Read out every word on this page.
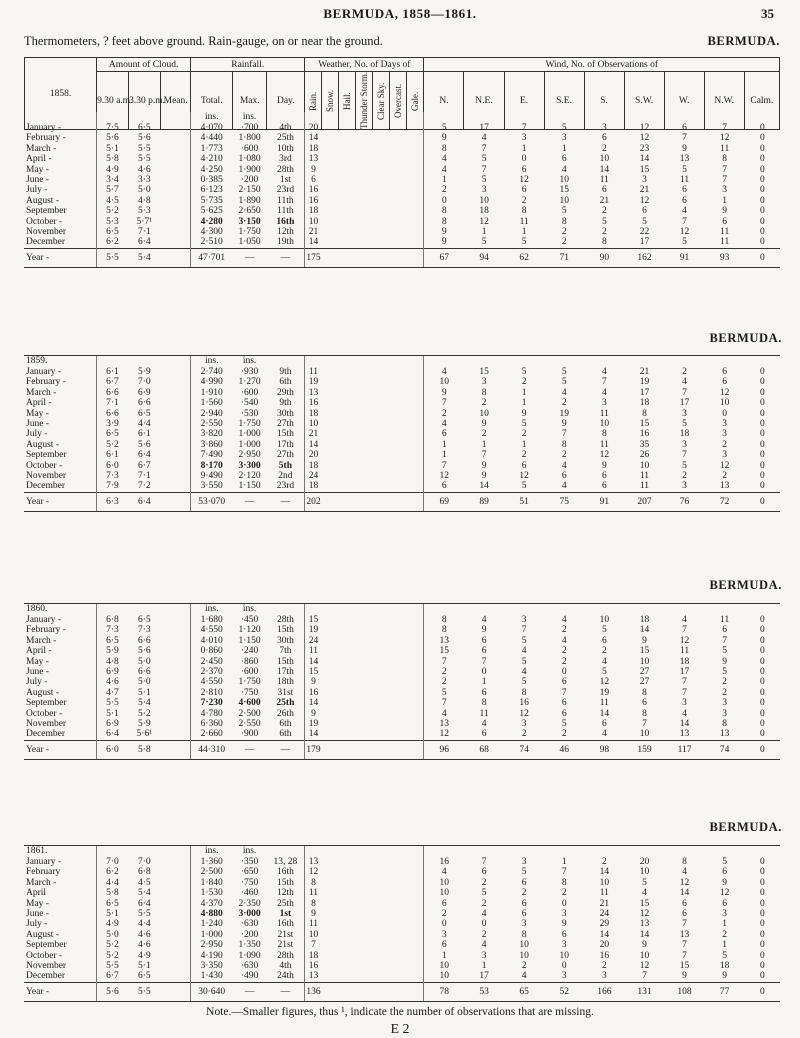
BERMUDA, 1858—1861.	35
Thermometers, ? feet above ground. Rain-gauge, on or near the ground.	BERMUDA.
1858.	Amount of Cloud.			Rainfall.			Weather, No. of Days of							Wind, No. of Observations of								
	9.30 a.m.	3.30 p.m.	Mean.	Total.	Max.	Day.	Rain.	Snow.	Hail.	Thunder Storm.	Clear Sky.	Overcast.	Gale.	N.	N.E.	E.	S.E.	S.	S.W.	W.	N.W.	Calm.
				ins.	ins.																	
January -	7·5	6·5		4·070	·700	4th	20							5	17	7	5	3	12	6	7	0
February -	5·6	5·6		4·440	1·800	25th	14							9	4	3	3	6	12	7	12	0
March -	5·1	5·5		1·773	·600	10th	18							8	7	1	1	2	23	9	11	0
April -	5·8	5·5		4·210	1·080	3rd	13							4	5	0	6	10	14	13	8	0
May -	4·9	4·6		4·250	1·900	28th	9							4	7	6	4	14	15	5	7	0
June -	3·4	3·3		0·385	·200	1st	6							1	5	12	10	11	3	11	7	0
July -	5·7	5·0		6·123	2·150	23rd	16							2	3	6	15	6	21	6	3	0
August -	4·5	4·8		5·735	1·890	11th	16							0	10	2	10	21	12	6	1	0
September	5·2	5·3		5·625	2·650	11th	18							8	18	8	5	2	6	4	9	0
October -	5·3	5·7¹		4·280	3·150	16th	10							8	12	11	8	5	5	7	6	0
November	6·5	7·1		4·300	1·750	12th	21							9	1	1	2	2	22	12	11	0
December	6·2	6·4		2·510	1·050	19th	14							9	5	5	2	8	17	5	11	0
Year -	5·5	5·4		47·701	—	—	175							67	94	62	71	90	162	91	93	0
BERMUDA.
1859.				ins.	ins.																	
January -	6·1	5·9		2·740	·930	9th	11							4	15	5	5	4	21	2	6	0
February -	6·7	7·0		4·990	1·270	6th	19							10	3	2	5	7	19	4	6	0
March -	6·6	6·9		1·910	·600	29th	13							9	8	1	4	4	17	7	12	0
April -	7·1	6·6		1·560	·540	9th	16							7	2	1	2	3	18	17	10	0
May -	6·6	6·5		2·940	·530	30th	18							2	10	9	19	11	8	3	0	0
June -	3·9	4·4		2·550	1·750	27th	10							4	9	5	9	10	15	5	3	0
July -	6·5	6·1		3·820	1·000	15th	21							6	2	2	7	8	16	18	3	0
August -	5·2	5·6		3·860	1·000	17th	14							1	1	1	8	11	35	3	2	0
September	6·1	6·4		7·490	2·950	27th	20							1	7	2	2	12	26	7	3	0
October -	6·0	6·7		8·170	3·300	5th	18							7	9	6	4	9	10	5	12	0
November	7·3	7·1		9·490	2·120	2nd	24							12	9	12	6	6	11	2	2	0
December	7·9	7·2		3·550	1·150	23rd	18							6	14	5	4	6	11	3	13	0
Year -	6·3	6·4		53·070	—	—	202							69	89	51	75	91	207	76	72	0
BERMUDA.
1860.				ins.	ins.																	
January -	6·8	6·5		1·680	·450	28th	15							8	4	3	4	10	18	4	11	0
February -	7·3	7·3		4·550	1·120	15th	19							8	9	7	2	5	14	7	6	0
March -	6·5	6·6		4·010	1·150	30th	24							13	6	5	4	6	9	12	7	0
April -	5·9	5·6		0·860	·240	7th	11							15	6	4	2	2	15	11	5	0
May -	4·8	5·0		2·450	·860	15th	14							7	7	5	2	4	10	18	9	0
June -	6·9	6·6		2·370	·600	17th	15							2	0	4	0	5	27	17	5	0
July -	4·6	5·0		4·550	1·750	18th	9							2	1	5	6	12	27	7	2	0
August -	4·7	5·1		2·810	·750	31st	16							5	6	8	7	19	8	7	2	0
September	5·5	5·4		7·230	4·600	25th	14							7	8	16	6	11	6	3	3	0
October -	5·1	5·2		4·780	2·500	26th	9							4	11	12	6	14	8	4	3	0
November	6·9	5·9		6·360	2·550	6th	19							13	4	3	5	6	7	14	8	0
December	6·4	5·6¹		2·660	·900	6th	14							12	6	2	2	4	10	13	13	0
Year -	6·0	5·8		44·310	—	—	179							96	68	74	46	98	159	117	74	0
BERMUDA.
1861.				ins.	ins.																	
January -	7·0	7·0		1·360	·350	13, 28	13							16	7	3	1	2	20	8	5	0
February	6·2	6·8		2·500	·650	16th	12							4	6	5	7	14	10	4	6	0
March -	4·4	4·5		1·840	·750	15th	8							10	2	6	8	10	5	12	9	0
April	5·8	5·4		1·530	·460	12th	11							10	5	2	2	11	4	14	12	0
May -	6·5	6·4		4·370	2·350	25th	8							6	2	6	0	21	15	6	6	0
June -	5·1	5·5		4·880	3·000	1st	9							2	4	6	3	24	12	6	3	0
July -	4·9	4·4		1·240	·630	16th	11							0	0	3	9	29	13	7	1	0
August -	5·0	4·6		1·000	·200	21st	10							3	2	8	6	14	14	13	2	0
September	5·2	4·6		2·950	1·350	21st	7							6	4	10	3	20	9	7	1	0
October -	5·2	4·9		4·190	1·090	28th	18							1	3	10	10	16	10	7	5	0
November	5·5	5·1		3·350	·630	4th	16							10	1	2	0	2	12	15	18	0
December	6·7	6·5		1·430	·490	24th	13							10	17	4	3	3	7	9	9	0
Year -	5·6	5·5		30·640	—	—	136							78	53	65	52	166	131	108	77	0
Note.—Smaller figures, thus ¹, indicate the number of observations that are missing.
E 2
